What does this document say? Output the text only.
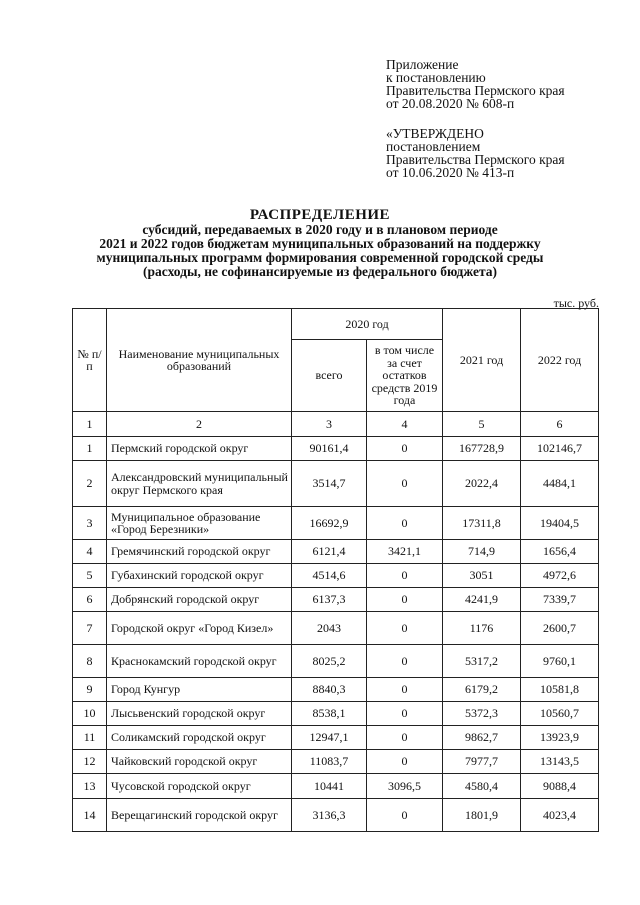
Приложение
к постановлению
Правительства Пермского края
от 20.08.2020 № 608-п
«УТВЕРЖДЕНО
постановлением
Правительства Пермского края
от 10.06.2020 № 413-п
РАСПРЕДЕЛЕНИЕ
субсидий, передаваемых в 2020 году и в плановом периоде
2021 и 2022 годов бюджетам муниципальных образований на поддержку
муниципальных программ формирования современной городской среды
(расходы, не софинансируемые из федерального бюджета)
тыс. руб.
№ п/п	Наименование муниципальных образований	2020 год		2021 год	2022 год
		всего	в том числе за счет остатков средств 2019 года		
1	2	3	4	5	6
1	Пермский городской округ	90161,4	0	167728,9	102146,7
2	Александровский муниципальный округ Пермского края	3514,7	0	2022,4	4484,1
3	Муниципальное образование «Город Березники»	16692,9	0	17311,8	19404,5
4	Гремячинский городской округ	6121,4	3421,1	714,9	1656,4
5	Губахинский городской округ	4514,6	0	3051	4972,6
6	Добрянский городской округ	6137,3	0	4241,9	7339,7
7	Городской округ «Город Кизел»	2043	0	1176	2600,7
8	Краснокамский городской округ	8025,2	0	5317,2	9760,1
9	Город Кунгур	8840,3	0	6179,2	10581,8
10	Лысьвенский городской округ	8538,1	0	5372,3	10560,7
11	Соликамский городской округ	12947,1	0	9862,7	13923,9
12	Чайковский городской округ	11083,7	0	7977,7	13143,5
13	Чусовской городской округ	10441	3096,5	4580,4	9088,4
14	Верещагинский городской округ	3136,3	0	1801,9	4023,4
